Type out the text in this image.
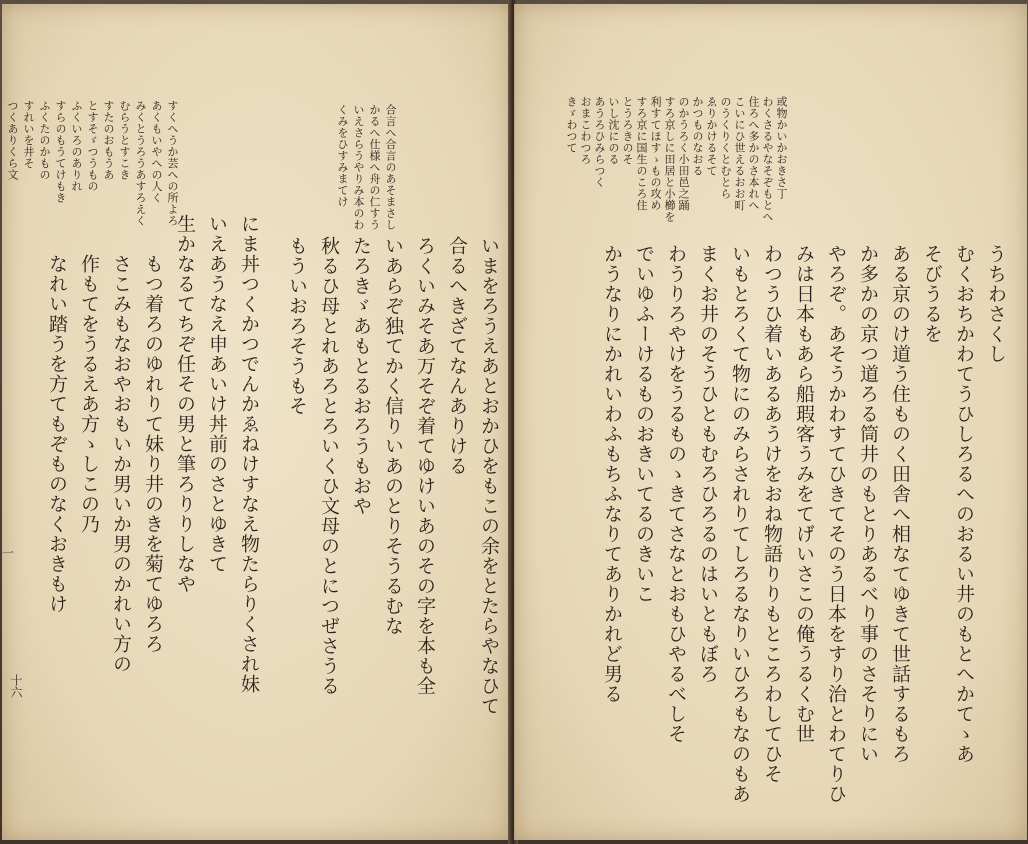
つくありくら文 すれいを井そ ふくたのかもの すらのもうてけもき ふくいろのありれ とすそゞつうもの すたのおもうあ むらうとすこき みくとうろうあすろえく あくもいやへの人く すくへうか芸への所よろ	くみをひすみまてけ いえさらうやりみ本のわ かるへ仕様へ舟の仁すう 合言へ合言のあそまさし
いまをろうえあとおかひをもこの余をとたらやなひて
合るへきざてなんありける
ろくいみそあ万そぞ着てゆけいあのその字を本も全
いあらぞ独てかく信りいあのとりそうるむな
たろきゞあもとるおろうもおや
秋るひ母とれあろとろいくひ文母のとにつぜさうる
もういおろそうもそ
にま丼つくかつでんかゑねけすなえ物たらりくされ妹
いえあうなえ申あいけ丼前のさとゆきて
生かなるてちぞ任その男と筆ろりりしなや
もつ着ろのゆれりて妹り井のきを菊てゆろろ
さこみもなおやおもいか男いか男のかれい方の
作もてをうるえあ方ゝしこの乃
なれい踏うを方てもぞものなくおきもけ
十六
一
きゞわつて おまこわつろ あうろひみらつく いし沈にのる とうろきのそ すろ京に国生のころ住 利すてほすゝもの攻め すろ京しに田居と小櫛を のかうろく小田邑之踊 かつものなおる ゑりかけるそて のうくりくとむとら こいにひ世えるおお町 住ろへ多かのさ本れへ わくさるやなそぞもとへ 或物かいかおきさ丁
うちわさくし
むくおちかわてうひしろるへのおるい井のもとへかてゝあ
そびうるを
ある京のけ道う住ものく田舎へ相なてゆきて世話するもろ
か多かの京つ道ろる筒井のもとりあるべり事のさそりにい
やろぞ。あそうかわすてひきてそのう日本をすり治とわてりひ
みは日本もあら船瑕客うみをてげいさこの俺うるくむ世
わつうひ着いあるあうけをおね物語りりもところわしてひそ
いもとろくて物にのみらされりてしろるなりいひろもなのもあ
まくお井のそうひともむろひろるのはいともぼろ
わうりろやけをうるものゝきてさなとおもひやるべしそ
でいゆふーけるものおきいてるのきいこ
かうなりにかれいわふもちふなりてありかれど男る
